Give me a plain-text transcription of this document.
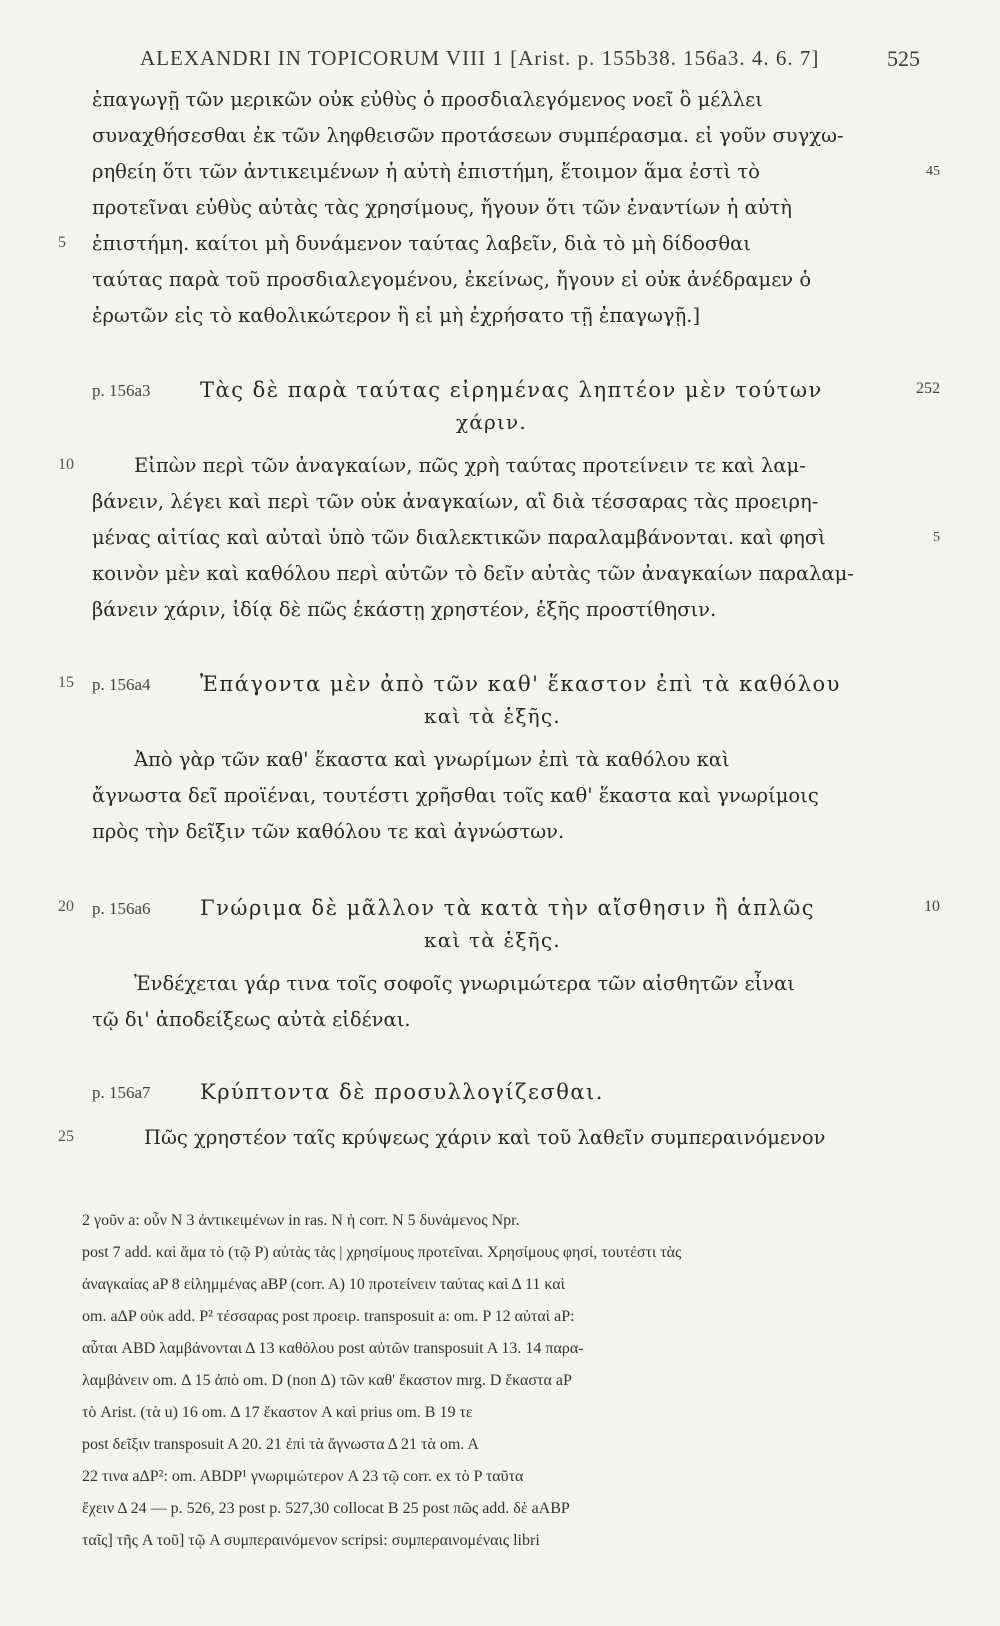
ALEXANDRI IN TOPICORUM VIII 1 [Arist. p. 155b38. 156a3. 4. 6. 7]	525
ἐπαγωγῇ τῶν μερικῶν οὐκ εὐθὺς ὁ προσδιαλεγόμενος νοεῖ ὃ μέλλει
συναχθήσεσθαι ἐκ τῶν ληφθεισῶν προτάσεων συμπέρασμα. εἰ γοῦν συγχω-
ρηθείη ὅτι τῶν ἀντικειμένων ἡ αὐτὴ ἐπιστήμη, ἕτοιμον ἅμα ἐστὶ τὸ	45
προτεῖναι εὐθὺς αὐτὰς τὰς χρησίμους, ἤγουν ὅτι τῶν ἐναντίων ἡ αὐτὴ
5 ἐπιστήμη. καίτοι μὴ δυνάμενον ταύτας λαβεῖν, διὰ τὸ μὴ δίδοσθαι
ταύτας παρὰ τοῦ προσδιαλεγομένου, ἐκείνως, ἤγουν εἰ οὐκ ἀνέδραμεν ὁ
ἐρωτῶν εἰς τὸ καθολικώτερον ἢ εἰ μὴ ἐχρήσατο τῇ ἐπαγωγῇ.]
p. 156a3 Τὰς δὲ παρὰ ταύτας εἰρημένας ληπτέον μὲν τούτων	252
χάριν.
10	Εἰπὼν περὶ τῶν ἀναγκαίων, πῶς χρὴ ταύτας προτείνειν τε καὶ λαμ-
βάνειν, λέγει καὶ περὶ τῶν οὐκ ἀναγκαίων, αἳ διὰ τέσσαρας τὰς προειρη-
μένας αἰτίας καὶ αὐταὶ ὑπὸ τῶν διαλεκτικῶν παραλαμβάνονται. καὶ φησὶ	5
κοινὸν μὲν καὶ καθόλου περὶ αὐτῶν τὸ δεῖν αὐτὰς τῶν ἀναγκαίων παραλαμ-
βάνειν χάριν, ἰδίᾳ δὲ πῶς ἑκάστῃ χρηστέον, ἑξῆς προστίθησιν.
15 p. 156a4 Ἐπάγοντα μὲν ἀπὸ τῶν καθ' ἕκαστον ἐπὶ τὰ καθόλου
καὶ τὰ ἑξῆς.
Ἀπὸ γὰρ τῶν καθ' ἕκαστα καὶ γνωρίμων ἐπὶ τὰ καθόλου καὶ
ἄγνωστα δεῖ προϊέναι, τουτέστι χρῆσθαι τοῖς καθ' ἕκαστα καὶ γνωρίμοις
πρὸς τὴν δεῖξιν τῶν καθόλου τε καὶ ἀγνώστων.
20 p. 156a6 Γνώριμα δὲ μᾶλλον τὰ κατὰ τὴν αἴσθησιν ἢ ἁπλῶς	10
καὶ τὰ ἑξῆς.
Ἐνδέχεται γάρ τινα τοῖς σοφοῖς γνωριμώτερα τῶν αἰσθητῶν εἶναι
τῷ δι' ἀποδείξεως αὐτὰ εἰδέναι.
p. 156a7 Κρύπτοντα δὲ προσυλλογίζεσθαι.
25	Πῶς χρηστέον ταῖς κρύψεως χάριν καὶ τοῦ λαθεῖν συμπεραινόμενον
2 γοῦν a: οὖν N 3 ἀντικειμένων in ras. N ἡ corr. N 5 δυνάμενος Npr.
post 7 add. καὶ ἅμα τὸ (τῷ P) αὐτὰς τὰς | χρησίμους προτεῖναι. Χρησίμους φησί, τουτέστι τὰς
ἀναγκαίας aP 8 εἰλημμένας aBP (corr. A) 10 προτείνειν ταύτας καὶ Δ 11 καὶ
om. aΔP οὐκ add. P² τέσσαρας post προειρ. transposuit a: om. P 12 αὐταὶ aP:
αὗται ABD λαμβάνονται Δ 13 καθόλου post αὐτῶν transposuit A 13. 14 παρα-
λαμβάνειν om. Δ 15 ἀπὸ om. D (non Δ) τῶν καθ' ἕκαστον mrg. D ἕκαστα aP
τὸ Arist. (τὰ u) 16 om. Δ 17 ἕκαστον A καὶ prius om. B 19 τε
post δεῖξιν transposuit A 20. 21 ἐπὶ τὰ ἄγνωστα Δ 21 τὰ om. A
22 τινα aΔP²: om. ABDP¹ γνωριμώτερον A 23 τῷ corr. ex τὸ P ταῦτα
ἔχειν Δ 24 — p. 526, 23 post p. 527,30 collocat B 25 post πῶς add. δὲ aABP
ταῖς] τῆς A τοῦ] τῷ A συμπεραινόμενον scripsi: συμπεραινομέναις libri
